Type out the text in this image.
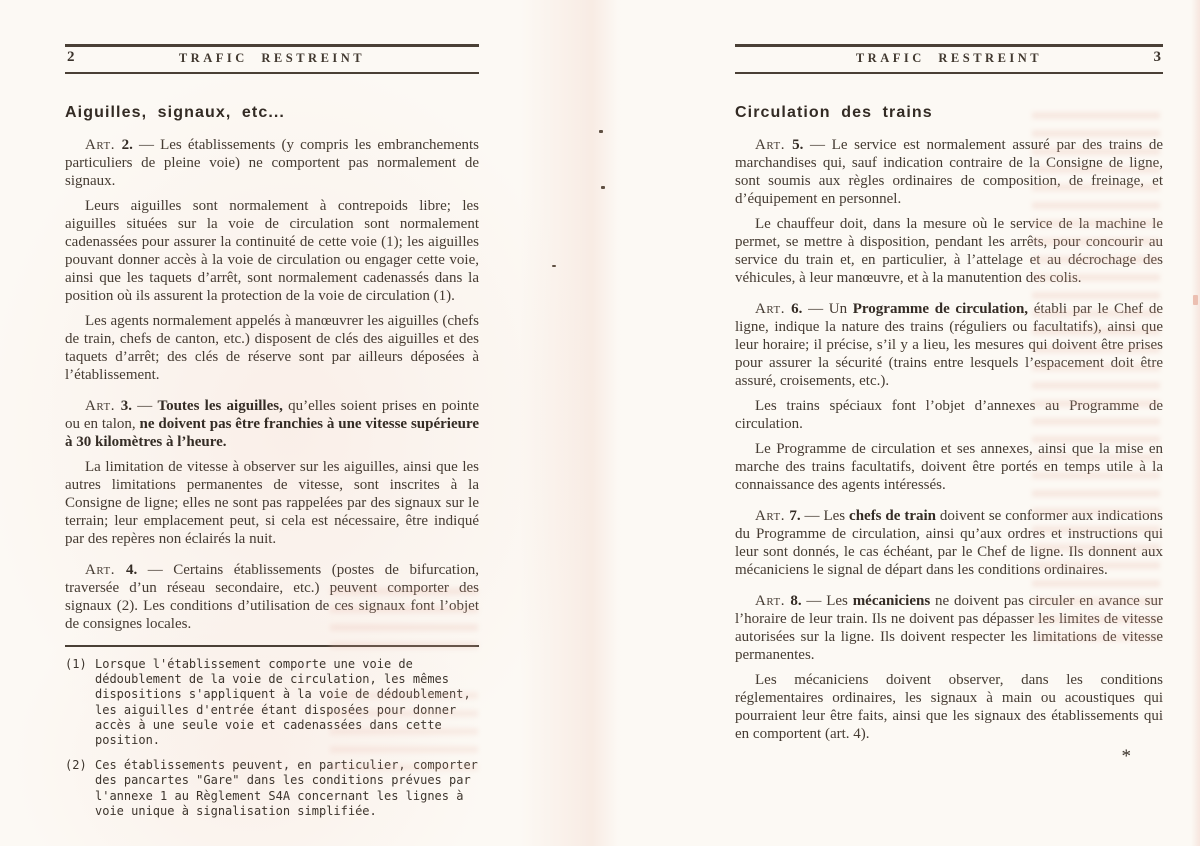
2	TRAFIC RESTREINT
Aiguilles, signaux, etc...
Art. 2. — Les établissements (y compris les embranchements particuliers de pleine voie) ne comportent pas normalement de signaux.
Leurs aiguilles sont normalement à contrepoids libre; les aiguilles situées sur la voie de circulation sont normalement cadenassées pour assurer la continuité de cette voie (1); les aiguilles pouvant donner accès à la voie de circulation ou engager cette voie, ainsi que les taquets d’arrêt, sont normalement cadenassés dans la position où ils assurent la protection de la voie de circulation (1).
Les agents normalement appelés à manœuvrer les aiguilles (chefs de train, chefs de canton, etc.) disposent de clés des aiguilles et des taquets d’arrêt; des clés de réserve sont par ailleurs déposées à l’établissement.
Art. 3. — Toutes les aiguilles, qu’elles soient prises en pointe ou en talon, ne doivent pas être franchies à une vitesse supérieure à 30 kilomètres à l’heure.
La limitation de vitesse à observer sur les aiguilles, ainsi que les autres limitations permanentes de vitesse, sont inscrites à la Consigne de ligne; elles ne sont pas rappelées par des signaux sur le terrain; leur emplacement peut, si cela est nécessaire, être indiqué par des repères non éclairés la nuit.
Art. 4. — Certains établissements (postes de bifurcation, traversée d’un réseau secondaire, etc.) peuvent comporter des signaux (2). Les conditions d’utilisation de ces signaux font l’objet de consignes locales.
(1) Lorsque l'établissement comporte une voie de dédoublement de la voie de circulation, les mêmes dispositions s'appliquent à la voie de dédoublement, les aiguilles d'entrée étant disposées pour donner accès à une seule voie et cadenassées dans cette position.
(2) Ces établissements peuvent, en particulier, comporter des pancartes "Gare" dans les conditions prévues par l'annexe 1 au Règlement S4A concernant les lignes à voie unique à signalisation simplifiée.
TRAFIC RESTREINT	3
Circulation des trains
Art. 5. — Le service est normalement assuré par des trains de marchandises qui, sauf indication contraire de la Consigne de ligne, sont soumis aux règles ordinaires de composition, de freinage, et d’équipement en personnel.
Le chauffeur doit, dans la mesure où le service de la machine le permet, se mettre à disposition, pendant les arrêts, pour concourir au service du train et, en particulier, à l’attelage et au décrochage des véhicules, à leur manœuvre, et à la manutention des colis.
Art. 6. — Un Programme de circulation, établi par le Chef de ligne, indique la nature des trains (réguliers ou facultatifs), ainsi que leur horaire; il précise, s’il y a lieu, les mesures qui doivent être prises pour assurer la sécurité (trains entre lesquels l’espacement doit être assuré, croisements, etc.).
Les trains spéciaux font l’objet d’annexes au Programme de circulation.
Le Programme de circulation et ses annexes, ainsi que la mise en marche des trains facultatifs, doivent être portés en temps utile à la connaissance des agents intéressés.
Art. 7. — Les chefs de train doivent se conformer aux indications du Programme de circulation, ainsi qu’aux ordres et instructions qui leur sont donnés, le cas échéant, par le Chef de ligne. Ils donnent aux mécaniciens le signal de départ dans les conditions ordinaires.
Art. 8. — Les mécaniciens ne doivent pas circuler en avance sur l’horaire de leur train. Ils ne doivent pas dépasser les limites de vitesse autorisées sur la ligne. Ils doivent respecter les limitations de vitesse permanentes.
Les mécaniciens doivent observer, dans les conditions réglementaires ordinaires, les signaux à main ou acoustiques qui pourraient leur être faits, ainsi que les signaux des établissements qui en comportent (art. 4).
*
